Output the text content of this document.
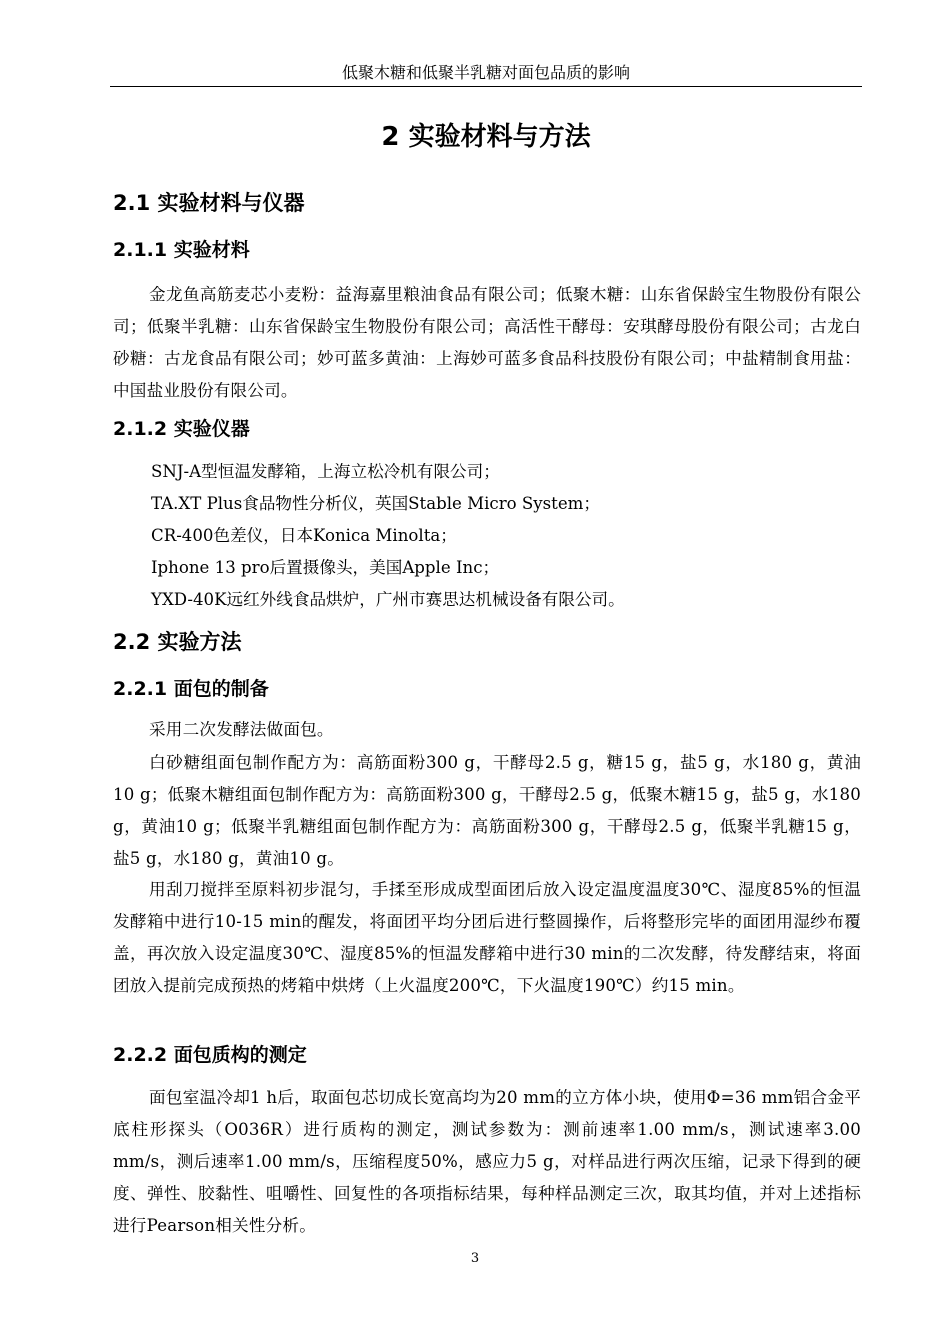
低聚木糖和低聚半乳糖对面包品质的影响
2 实验材料与方法
2.1 实验材料与仪器
2.1.1 实验材料
金龙鱼高筋麦芯小麦粉：益海嘉里粮油食品有限公司；低聚木糖：山东省保龄宝生物股份有限公司；低聚半乳糖：山东省保龄宝生物股份有限公司；高活性干酵母：安琪酵母股份有限公司；古龙白砂糖：古龙食品有限公司；妙可蓝多黄油：上海妙可蓝多食品科技股份有限公司；中盐精制食用盐：中国盐业股份有限公司。
2.1.2 实验仪器
SNJ-A型恒温发酵箱，上海立松冷机有限公司；
TA.XT Plus食品物性分析仪，英国Stable Micro System；
CR-400色差仪，日本Konica Minolta；
Iphone 13 pro后置摄像头，美国Apple Inc；
YXD-40K远红外线食品烘炉，广州市赛思达机械设备有限公司。
2.2 实验方法
2.2.1 面包的制备
采用二次发酵法做面包。
白砂糖组面包制作配方为：高筋面粉300 g，干酵母2.5 g，糖15 g，盐5 g，水180 g，黄油10 g；低聚木糖组面包制作配方为：高筋面粉300 g，干酵母2.5 g，低聚木糖15 g，盐5 g，水180 g，黄油10 g；低聚半乳糖组面包制作配方为：高筋面粉300 g，干酵母2.5 g，低聚半乳糖15 g，盐5 g，水180 g，黄油10 g。
用刮刀搅拌至原料初步混匀，手揉至形成成型面团后放入设定温度温度30℃、湿度85%的恒温发酵箱中进行10-15 min的醒发，将面团平均分团后进行整圆操作，后将整形完毕的面团用湿纱布覆盖，再次放入设定温度30℃、湿度85%的恒温发酵箱中进行30 min的二次发酵，待发酵结束，将面团放入提前完成预热的烤箱中烘烤（上火温度200℃，下火温度190℃）约15 min。
2.2.2 面包质构的测定
面包室温冷却1 h后，取面包芯切成长宽高均为20 mm的立方体小块，使用Φ=36 mm铝合金平底柱形探头（O036R）进行质构的测定，测试参数为：测前速率1.00 mm/s，测试速率3.00 mm/s，测后速率1.00 mm/s，压缩程度50%，感应力5 g，对样品进行两次压缩，记录下得到的硬度、弹性、胶黏性、咀嚼性、回复性的各项指标结果，每种样品测定三次，取其均值，并对上述指标进行Pearson相关性分析。
3
